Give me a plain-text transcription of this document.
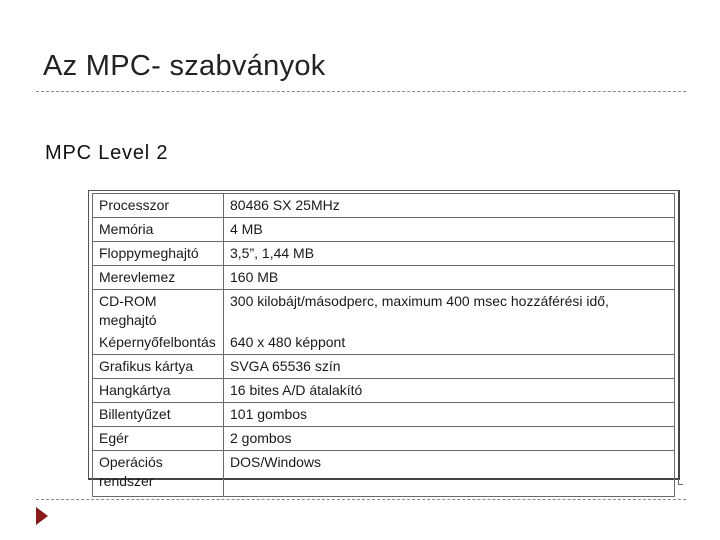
Az MPC- szabványok
MPC Level 2
Processzor	80486 SX 25MHz
Memória	4 MB
Floppymeghajtó	3,5”, 1,44 MB
Merevlemez	160 MB
CD-ROM meghajtó	300 kilobájt/másodperc, maximum 400 msec hozzáférési idő,
Képernyőfelbontás	640 x 480 képpont
Grafikus kártya	SVGA 65536 szín
Hangkártya	16 bites A/D átalakító
Billentyűzet	101 gombos
Egér	2 gombos
Operációs rendszer	DOS/Windows
